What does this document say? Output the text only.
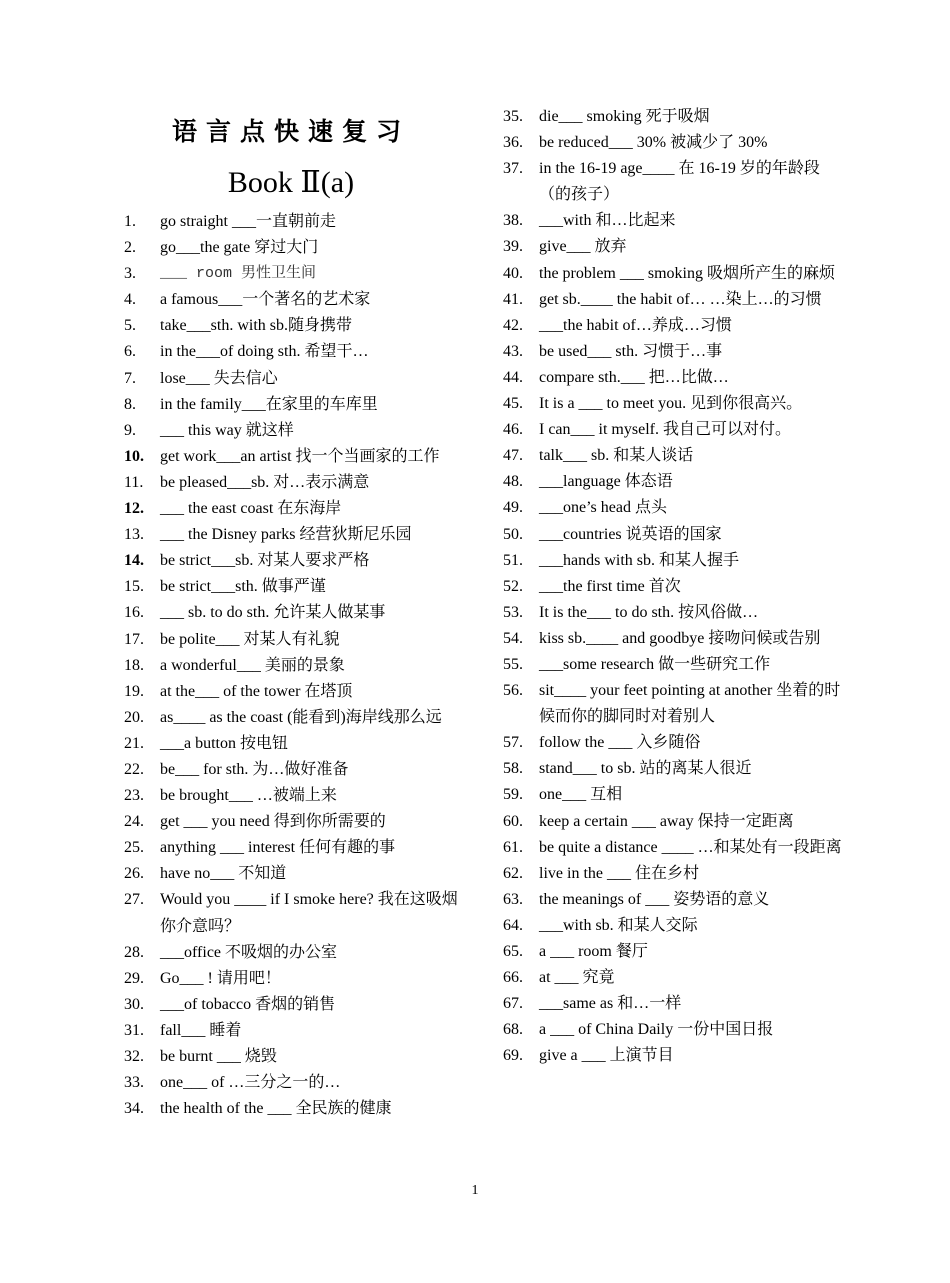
语言点快速复习
Book Ⅱ(a)
1.	go straight ___一直朝前走
2.	go___the gate 穿过大门
3.	___ room 男性卫生间
4.	a famous___一个著名的艺术家
5.	take___sth. with sb.随身携带
6.	in the___of doing sth. 希望干…
7.	lose___ 失去信心
8.	in the family___在家里的车库里
9.	___ this way 就这样
10.	get work___an artist 找一个当画家的工作
11.	be pleased___sb. 对…表示满意
12.	___ the east coast 在东海岸
13.	___ the Disney parks 经营狄斯尼乐园
14.	be strict___sb. 对某人要求严格
15.	be strict___sth. 做事严谨
16.	___ sb. to do sth. 允许某人做某事
17.	be polite___ 对某人有礼貌
18.	a wonderful___ 美丽的景象
19.	at the___ of the tower 在塔顶
20.	as____ as the coast (能看到)海岸线那么远
21.	___a button 按电钮
22.	be___ for sth. 为…做好准备
23.	be brought___ …被端上来
24.	get ___ you need 得到你所需要的
25.	anything ___ interest 任何有趣的事
26.	have no___ 不知道
27.	Would you ____ if I smoke here? 我在这吸烟你介意吗？
28.	___office 不吸烟的办公室
29.	Go___ ! 请用吧！
30.	___of tobacco 香烟的销售
31.	fall___ 睡着
32.	be burnt ___ 烧毁
33.	one___ of …三分之一的…
34.	the health of the ___ 全民族的健康
35.	die___ smoking 死于吸烟
36.	be reduced___ 30% 被减少了 30%
37.	in the 16-19 age____ 在 16-19 岁的年龄段（的孩子）
38.	___with 和…比起来
39.	give___ 放弃
40.	the problem ___ smoking 吸烟所产生的麻烦
41.	get sb.____ the habit of… …染上…的习惯
42.	___the habit of…养成…习惯
43.	be used___ sth. 习惯于…事
44.	compare sth.___ 把…比做…
45.	It is a ___ to meet you. 见到你很高兴。
46.	I can___ it myself. 我自己可以对付。
47.	talk___ sb. 和某人谈话
48.	___language 体态语
49.	___one’s head 点头
50.	___countries 说英语的国家
51.	___hands with sb. 和某人握手
52.	___the first time 首次
53.	It is the___ to do sth. 按风俗做…
54.	kiss sb.____ and goodbye 接吻问候或告别
55.	___some research 做一些研究工作
56.	sit____ your feet pointing at another 坐着的时候而你的脚同时对着别人
57.	follow the ___ 入乡随俗
58.	stand___ to sb. 站的离某人很近
59.	one___ 互相
60.	keep a certain ___ away 保持一定距离
61.	be quite a distance ____ …和某处有一段距离
62.	live in the ___ 住在乡村
63.	the meanings of ___ 姿势语的意义
64.	___with sb. 和某人交际
65.	a ___ room 餐厅
66.	at ___ 究竟
67.	___same as 和…一样
68.	a ___ of China Daily 一份中国日报
69.	give a ___ 上演节目
1
